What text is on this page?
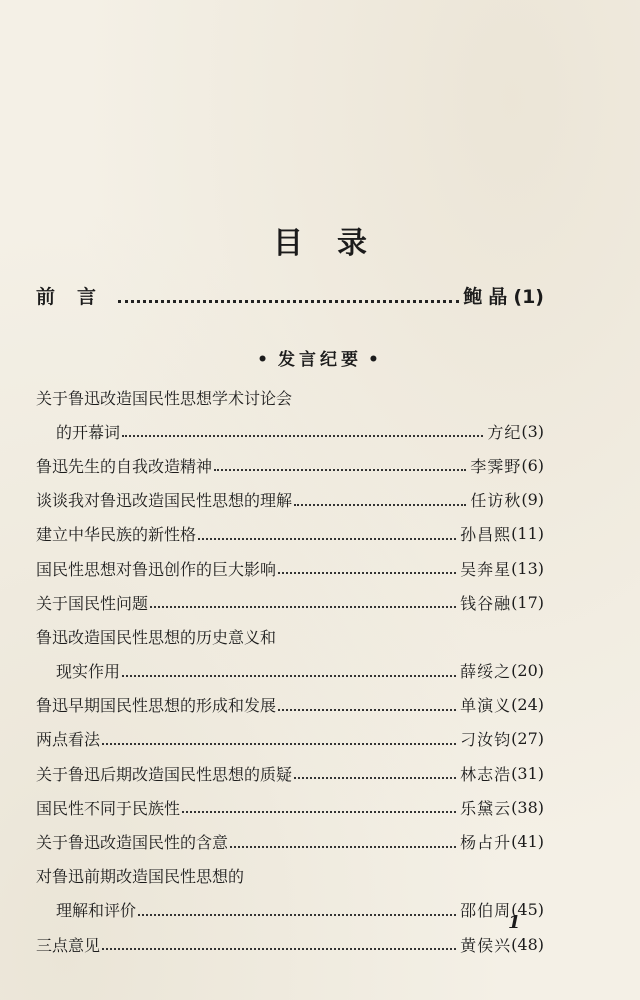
目录
前言	鲍晶 (1)
• 发言纪要 •
关于鲁迅改造国民性思想学术讨论会
的开幕词	方纪 (3)
鲁迅先生的自我改造精神	李霁野 (6)
谈谈我对鲁迅改造国民性思想的理解	任访秋 (9)
建立中华民族的新性格	孙昌熙 (11)
国民性思想对鲁迅创作的巨大影响	吴奔星 (13)
关于国民性问题	钱谷融 (17)
鲁迅改造国民性思想的历史意义和
现实作用	薛绥之 (20)
鲁迅早期国民性思想的形成和发展	单演义 (24)
两点看法	刁汝钧 (27)
关于鲁迅后期改造国民性思想的质疑	林志浩 (31)
国民性不同于民族性	乐黛云 (38)
关于鲁迅改造国民性的含意	杨占升 (41)
对鲁迅前期改造国民性思想的
理解和评价	邵伯周 (45)
三点意见	黄侯兴 (48)
1
